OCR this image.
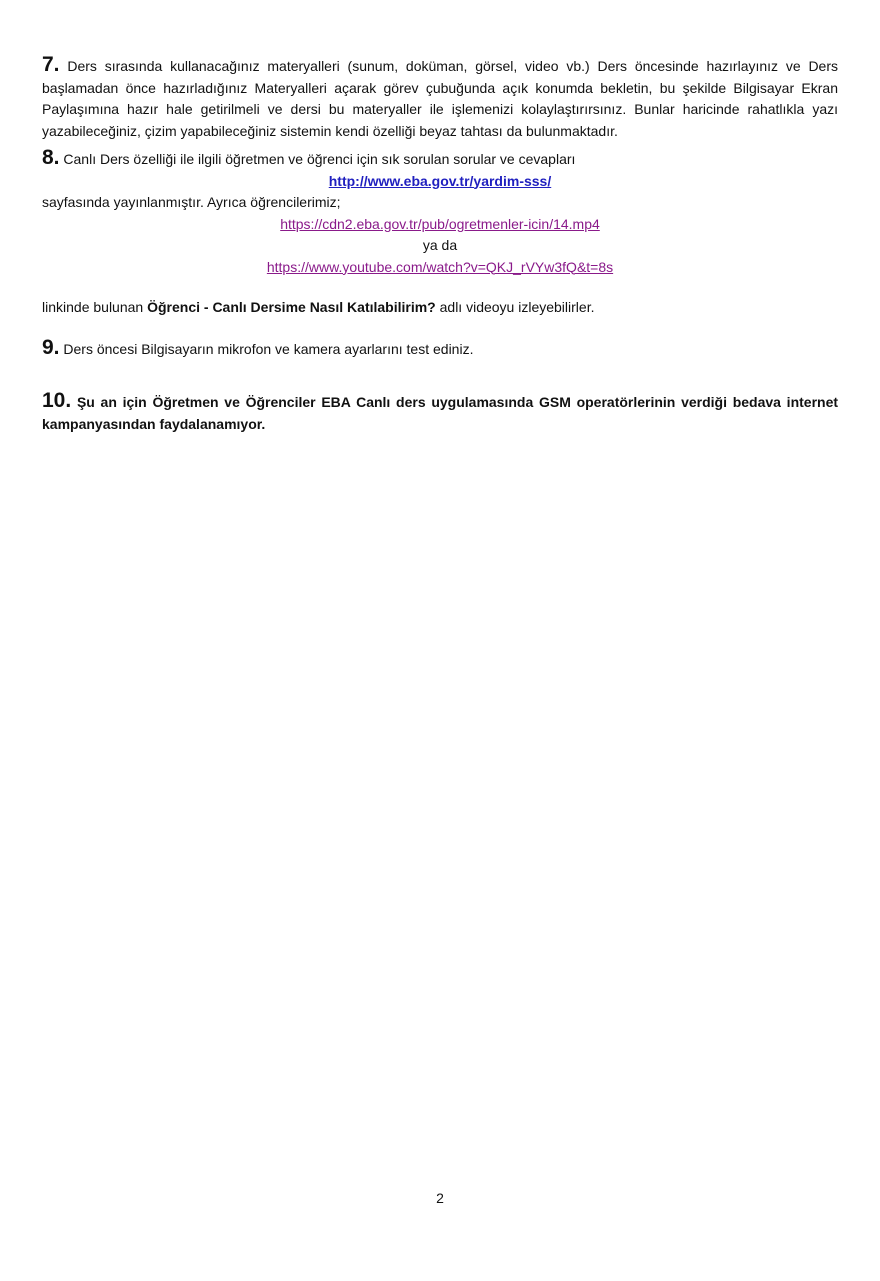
7. Ders sırasında kullanacağınız materyalleri (sunum, doküman, görsel, video vb.) Ders öncesinde hazırlayınız ve Ders başlamadan önce hazırladığınız Materyalleri açarak görev çubuğunda açık konumda bekletin, bu şekilde Bilgisayar Ekran Paylaşımına hazır hale getirilmeli ve dersi bu materyaller ile işlemenizi kolaylaştırırsınız. Bunlar haricinde rahatlıkla yazı yazabileceğiniz, çizim yapabileceğiniz sistemin kendi özelliği beyaz tahtası da bulunmaktadır.

8. Canlı Ders özelliği ile ilgili öğretmen ve öğrenci için sık sorulan sorular ve cevapları

http://www.eba.gov.tr/yardim-sss/
sayfasında yayınlanmıştır. Ayrıca öğrencilerimiz;
https://cdn2.eba.gov.tr/pub/ogretmenler-icin/14.mp4
ya da
https://www.youtube.com/watch?v=QKJ_rVYw3fQ&t=8s

linkinde bulunan Öğrenci - Canlı Dersime Nasıl Katılabilirim? adlı videoyu izleyebilirler.

9. Ders öncesi Bilgisayarın mikrofon ve kamera ayarlarını test ediniz.

10. Şu an için Öğretmen ve Öğrenciler EBA Canlı ders uygulamasında GSM operatörlerinin verdiği bedava internet kampanyasından faydalanamıyor.

2
